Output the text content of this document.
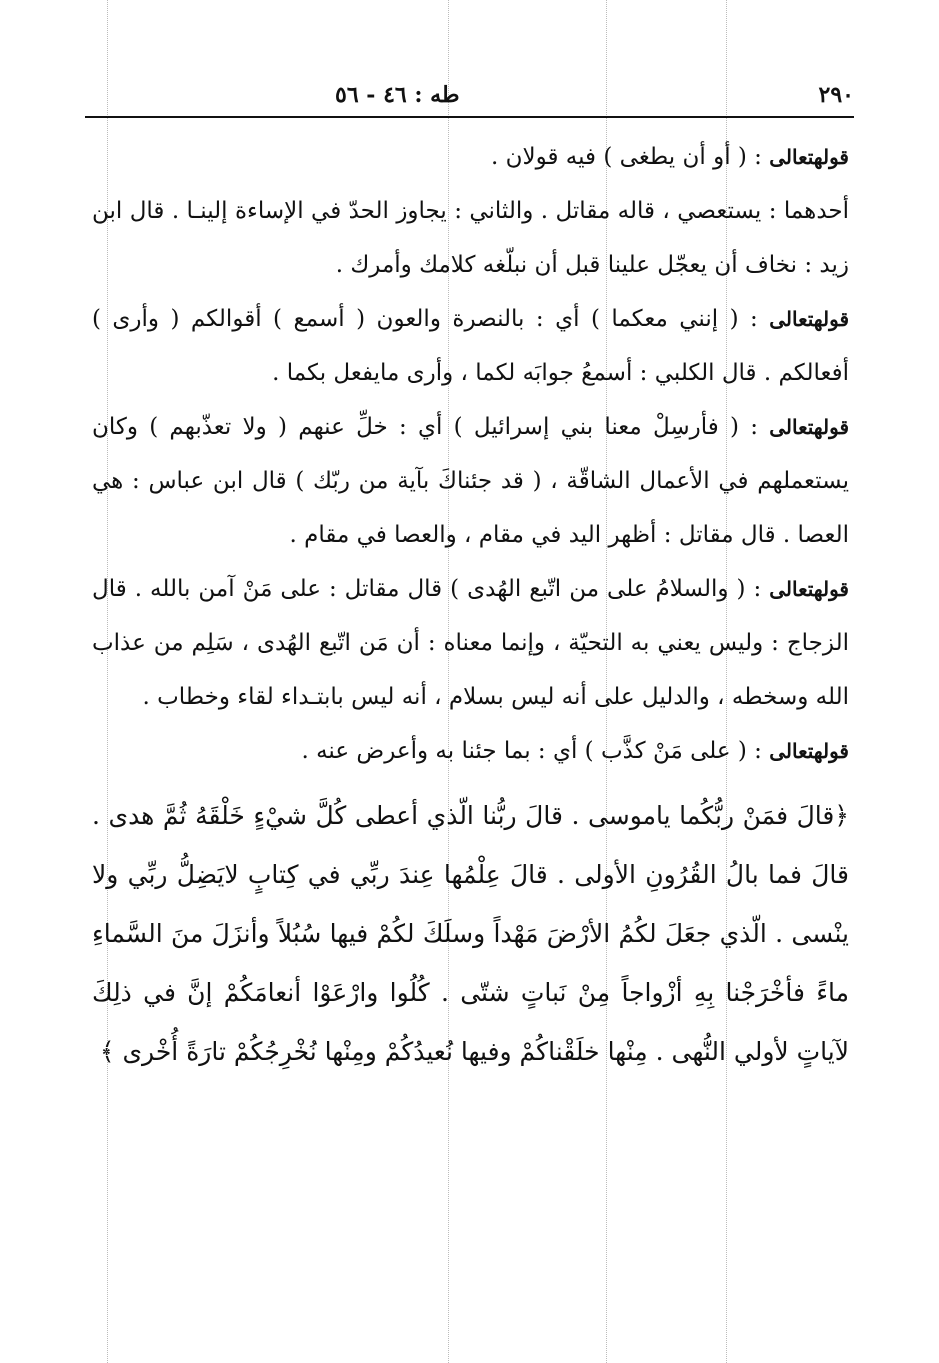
٢٩٠
طه : ٤٦ - ٥٦

قولهتعالى : ( أو أن يطغى ) فيه قولان .

أحدهما : يستعصي ، قاله مقاتل . والثاني : يجاوز الحدّ في الإساءة إلينـا . قال ابن زيد : نخاف أن يعجّل علينا قبل أن نبلّغه كلامك وأمرك .

قولهتعالى : ( إنني معكما ) أي : بالنصرة والعون ( أسمع ) أقوالكم ( وأرى ) أفعالكم . قال الكلبي : أسمعُ جوابَه لكما ، وأرى مايفعل بكما .

قولهتعالى : ( فأرسِلْ معنا بني إسرائيل ) أي : خلِّ عنهم ( ولا تعذّبهم ) وكان يستعملهم في الأعمال الشاقّة ، ( قد جئناكَ بآية من ربّك ) قال ابن عباس : هي العصا . قال مقاتل : أظهر اليد في مقام ، والعصا في مقام .

قولهتعالى : ( والسلامُ على من اتّبع الهُدى ) قال مقاتل : على مَنْ آمن بالله . قال الزجاج : وليس يعني به التحيّة ، وإنما معناه : أن مَن اتّبع الهُدى ، سَلِم من عذاب الله وسخطه ، والدليل على أنه ليس بسلام ، أنه ليس بابتـداء لقاء وخطاب .

قولهتعالى : ( على مَنْ كذَّب ) أي : بما جئنا به وأعرض عنه .

﴿قالَ فمَنْ ربُّكُما ياموسى . قالَ ربُّنا الّذي أعطى كُلَّ شيْءٍ خَلْقَهُ ثُمَّ هدى . قالَ فما بالُ القُرُونِ الأولى . قالَ عِلْمُها عِندَ ربِّي في كِتابٍ لايَضِلُّ ربِّي ولا ينْسى . الّذي جعَلَ لكُمُ الأرْضَ مَهْداً وسلَكَ لكُمْ فيها سُبُلاً وأنزَلَ منَ السَّماءِ ماءً فأخْرَجْنا بِهِ أزْواجاً مِنْ نَباتٍ شتّى . كُلُوا وارْعَوْا أنعامَكُمْ إنَّ في ذلِكَ لآياتٍ لأولي النُّهى . مِنْها خلَقْناكُمْ وفيها نُعيدُكُمْ ومِنْها نُخْرِجُكُمْ تارَةً أُخْرى ﴾
